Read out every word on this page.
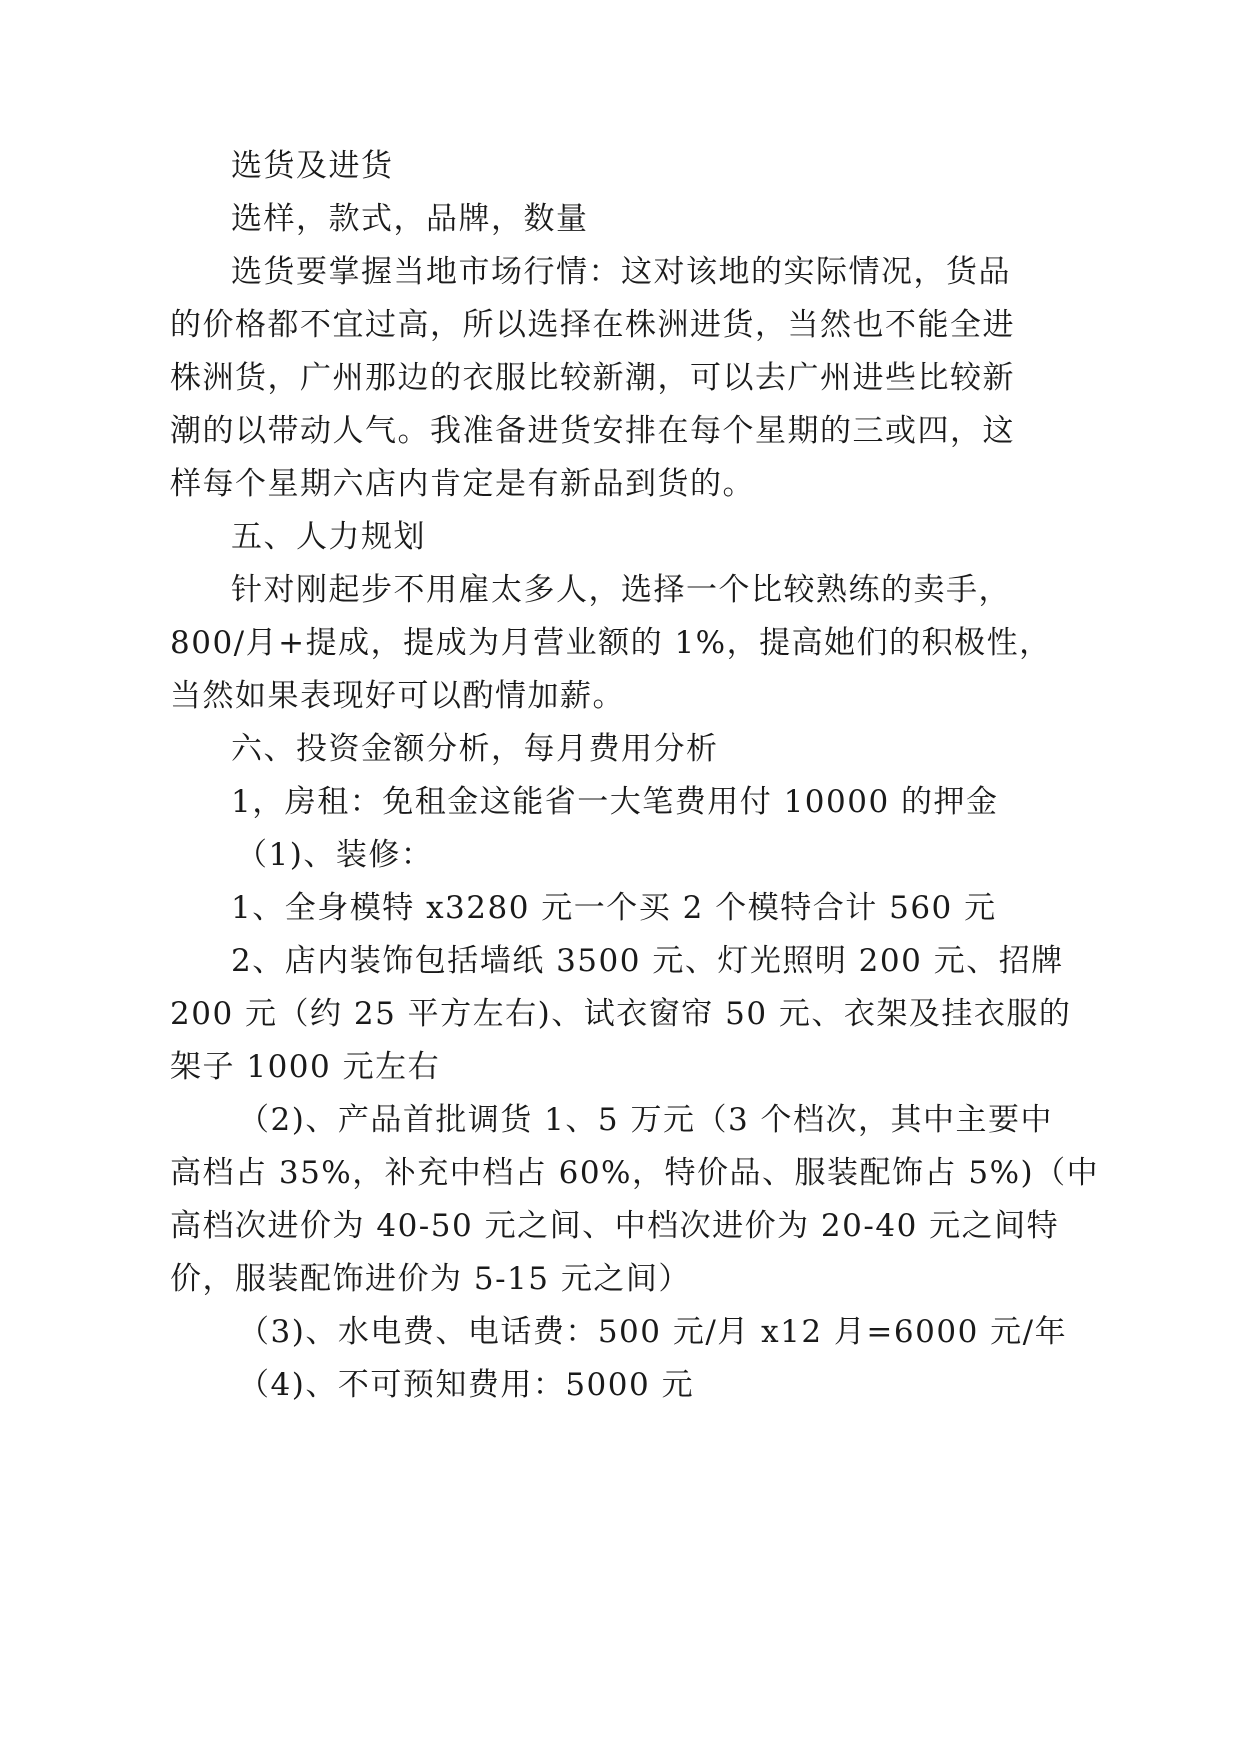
选货及进货
选样，款式，品牌，数量
选货要掌握当地市场行情：这对该地的实际情况，货品
的价格都不宜过高，所以选择在株洲进货，当然也不能全进
株洲货，广州那边的衣服比较新潮，可以去广州进些比较新
潮的以带动人气。我准备进货安排在每个星期的三或四，这
样每个星期六店内肯定是有新品到货的。
五、人力规划
针对刚起步不用雇太多人，选择一个比较熟练的卖手，
800/月+提成，提成为月营业额的 1%，提高她们的积极性，
当然如果表现好可以酌情加薪。
六、投资金额分析，每月费用分析
1，房租：免租金这能省一大笔费用付 10000 的押金
（1)、装修：
1、全身模特 x3280 元一个买 2 个模特合计 560 元
2、店内装饰包括墙纸 3500 元、灯光照明 200 元、招牌
200 元（约 25 平方左右)、试衣窗帘 50 元、衣架及挂衣服的
架子 1000 元左右
（2)、产品首批调货 1、5 万元（3 个档次，其中主要中
高档占 35%，补充中档占 60%，特价品、服装配饰占 5%)（中
高档次进价为 40-50 元之间、中档次进价为 20-40 元之间特
价，服装配饰进价为 5-15 元之间）
（3)、水电费、电话费：500 元/月 x12 月=6000 元/年
（4)、不可预知费用：5000 元
